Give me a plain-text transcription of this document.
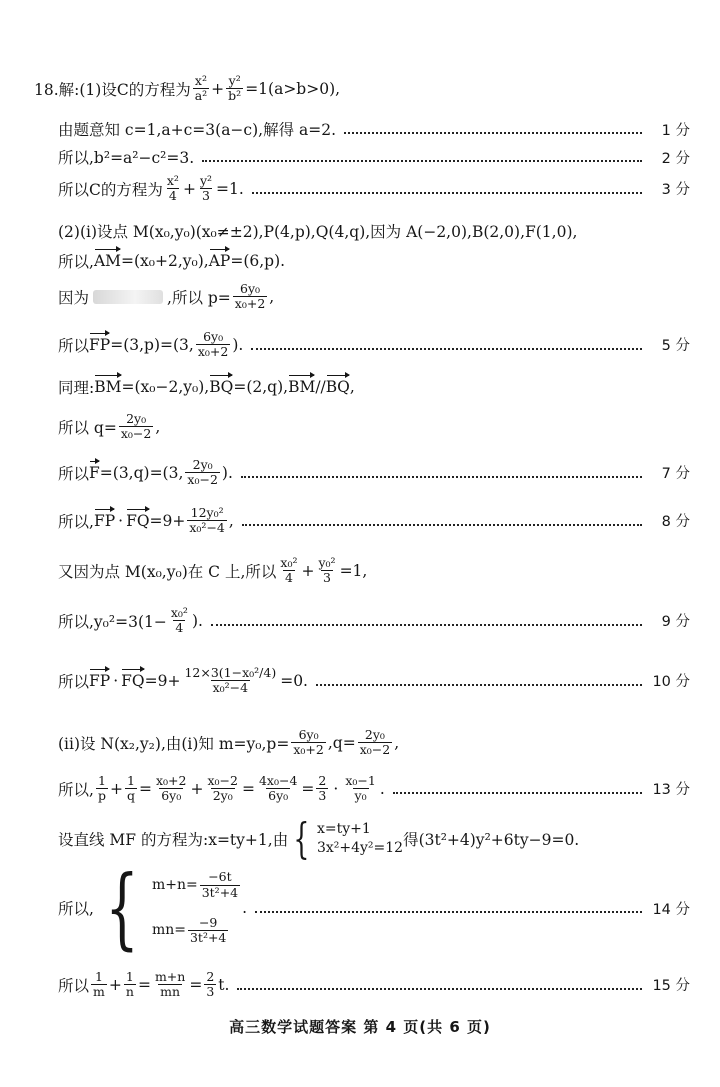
18.解:(1)设C的方程为 $\frac{\text{x²}}{\text{a²}} + \frac{\text{y²}}{\text{b²}} =1(a>b>0)$,
由题意知 c=1,a+c=3(a−c),解得 a=2.	1 分
所以,b²=a²−c²=3.	2 分
所以C的方程为 $\frac{\text{x²}}{4} + \frac{\text{y²}}{3} =1$.	3 分
(2)(i)设点 M(x₀,y₀)(x₀≠±2),P(4,p),Q(4,q),因为 A(−2,0),B(2,0),F(1,0),
所以, AM =(x₀+2,y₀), AP =(6,p).
因为	,所以 $p= \frac{\text{6y₀}}{\text{x₀+2}}$ ,
所以 FP =(3,p)=(3, $\frac{\text{6y₀}}{\text{x₀+2}}$ ).	5 分
同理: BM =(x₀−2,y₀), BQ =(2,q), BM // BQ ,
所以 $q= \frac{\text{2y₀}}{\text{x₀−2}}$ ,
所以 F =(3,q)=(3, $\frac{\text{2y₀}}{\text{x₀−2}}$ ).	7 分
所以, FP · FQ $=9+ \frac{\text{12y₀²}}{\text{x₀²−4}}$ ,	8 分
又因为点 M(x₀,y₀)在 C 上,所以 $\frac{\text{x₀²}}{4} + \frac{\text{y₀²}}{3} =1$,
所以$,y_0^2=3(1- \frac{\text{x₀²}}{4}$ ).	9 分
所以 FP · FQ $=9+ \frac{\text{12×3(1−x₀²/4)}}{\text{x₀²−4}} =0$.	10 分
(ii)设 N(x₂,y₂),由(i)知 $m=y_0,p= \frac{\text{6y₀}}{\text{x₀+2}} ,q= \frac{\text{2y₀}}{\text{x₀−2}}$ ,
所以, $\frac{1}{p} + \frac{1}{q} = \frac{\text{x₀+2}}{\text{6y₀}} + \frac{\text{x₀−2}}{\text{2y₀}} = \frac{\text{4x₀−4}}{\text{6y₀}} = \frac{2}{3} \cdot \frac{\text{x₀−1}}{\text{y₀}}$ .	13 分
设直线 MF 的方程为:x=ty+1,由 { x=ty+1
3x²+4y²=12 得(3t²+4)y²+6ty−9=0.
所以, { $m+n= \frac{-6t}{\text{3t²+4}}$
$mn= \frac{-9}{\text{3t²+4}}$
.	14 分
所以 $\frac{1}{m} + \frac{1}{n} = \frac{m+n}{mn} = \frac{2}{3} t$.	15 分
高三数学试题答案 第 4 页(共 6 页)
